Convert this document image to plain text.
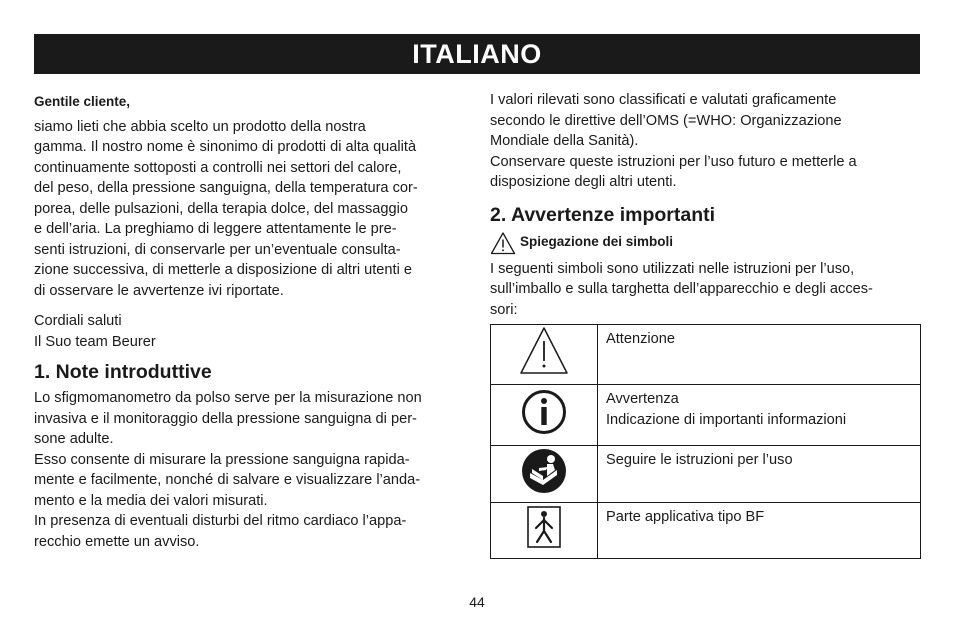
ITALIANO

Gentile cliente,

siamo lieti che abbia scelto un prodotto della nostra

gamma. Il nostro nome è sinonimo di prodotti di alta qualità

continuamente sottoposti a controlli nei settori del calore,

del peso, della pressione sanguigna, della temperatura cor-

porea, delle pulsazioni, della terapia dolce, del massaggio

e dell’aria. La preghiamo di leggere attentamente le pre-

senti istruzioni, di conservarle per un’eventuale consulta-

zione successiva, di metterle a disposizione di altri utenti e

di osservare le avvertenze ivi riportate.

Cordiali saluti

Il Suo team Beurer

1. Note introduttive

Lo sfigmomanometro da polso serve per la misurazione non

invasiva e il monitoraggio della pressione sanguigna di per-

sone adulte.

Esso consente di misurare la pressione sanguigna rapida-

mente e facilmente, nonché di salvare e visualizzare l’anda-

mento e la media dei valori misurati.

In presenza di eventuali disturbi del ritmo cardiaco l’appa-

recchio emette un avviso.

I valori rilevati sono classificati e valutati graficamente

secondo le direttive dell’OMS (=WHO: Organizzazione

Mondiale della Sanità).

Conservare queste istruzioni per l’uso futuro e metterle a

disposizione degli altri utenti.

2. Avvertenze importanti
Spiegazione dei simboli

I seguenti simboli sono utilizzati nelle istruzioni per l’uso,

sull’imballo e sulla targhetta dell’apparecchio e degli acces-

sori:

Attenzione

Avvertenza
Indicazione di importanti informazioni

Seguire le istruzioni per l’uso

Parte applicativa tipo BF
44
